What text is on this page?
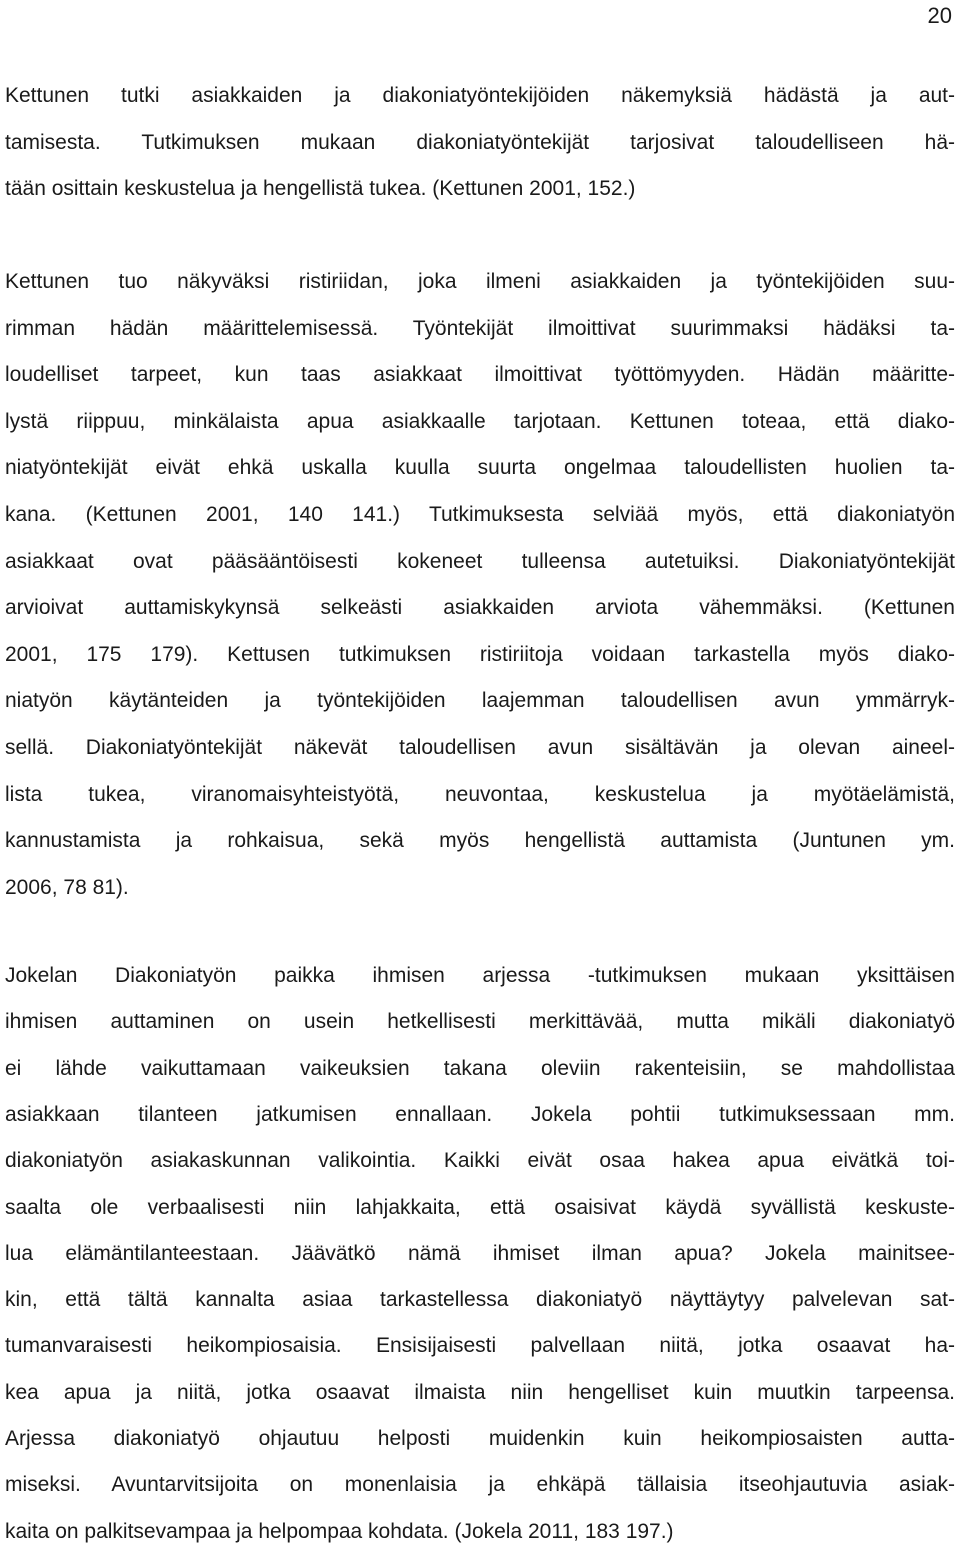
20
Kettunen tutki asiakkaiden ja diakoniatyöntekijöiden näkemyksiä hädästä ja aut-
tamisesta. Tutkimuksen mukaan diakoniatyöntekijät tarjosivat taloudelliseen hä-
tään osittain keskustelua ja hengellistä tukea. (Kettunen 2001, 152.)
Kettunen tuo näkyväksi ristiriidan, joka ilmeni asiakkaiden ja työntekijöiden suu-
rimman hädän määrittelemisessä. Työntekijät ilmoittivat suurimmaksi hädäksi ta-
loudelliset tarpeet, kun taas asiakkaat ilmoittivat työttömyyden. Hädän määritte-
lystä riippuu, minkälaista apua asiakkaalle tarjotaan. Kettunen toteaa, että diako-
niatyöntekijät eivät ehkä uskalla kuulla suurta ongelmaa taloudellisten huolien ta-
kana. (Kettunen 2001, 140 141.) Tutkimuksesta selviää myös, että diakoniatyön
asiakkaat ovat pääsääntöisesti kokeneet tulleensa autetuiksi. Diakoniatyöntekijät
arvioivat auttamiskykynsä selkeästi asiakkaiden arviota vähemmäksi. (Kettunen
2001, 175 179). Kettusen tutkimuksen ristiriitoja voidaan tarkastella myös diako-
niatyön käytänteiden ja työntekijöiden laajemman taloudellisen avun ymmärryk-
sellä. Diakoniatyöntekijät näkevät taloudellisen avun sisältävän ja olevan aineel-
lista tukea, viranomaisyhteistyötä, neuvontaa, keskustelua ja myötäelämistä,
kannustamista ja rohkaisua, sekä myös hengellistä auttamista (Juntunen ym.
2006, 78 81).
Jokelan Diakoniatyön paikka ihmisen arjessa -tutkimuksen mukaan yksittäisen
ihmisen auttaminen on usein hetkellisesti merkittävää, mutta mikäli diakoniatyö
ei lähde vaikuttamaan vaikeuksien takana oleviin rakenteisiin, se mahdollistaa
asiakkaan tilanteen jatkumisen ennallaan. Jokela pohtii tutkimuksessaan mm.
diakoniatyön asiakaskunnan valikointia. Kaikki eivät osaa hakea apua eivätkä toi-
saalta ole verbaalisesti niin lahjakkaita, että osaisivat käydä syvällistä keskuste-
lua elämäntilanteestaan. Jäävätkö nämä ihmiset ilman apua? Jokela mainitsee-
kin, että tältä kannalta asiaa tarkastellessa diakoniatyö näyttäytyy palvelevan sat-
tumanvaraisesti heikompiosaisia. Ensisijaisesti palvellaan niitä, jotka osaavat ha-
kea apua ja niitä, jotka osaavat ilmaista niin hengelliset kuin muutkin tarpeensa.
Arjessa diakoniatyö ohjautuu helposti muidenkin kuin heikompiosaisten autta-
miseksi. Avuntarvitsijoita on monenlaisia ja ehkäpä tällaisia itseohjautuvia asiak-
kaita on palkitsevampaa ja helpompaa kohdata. (Jokela 2011, 183 197.)
